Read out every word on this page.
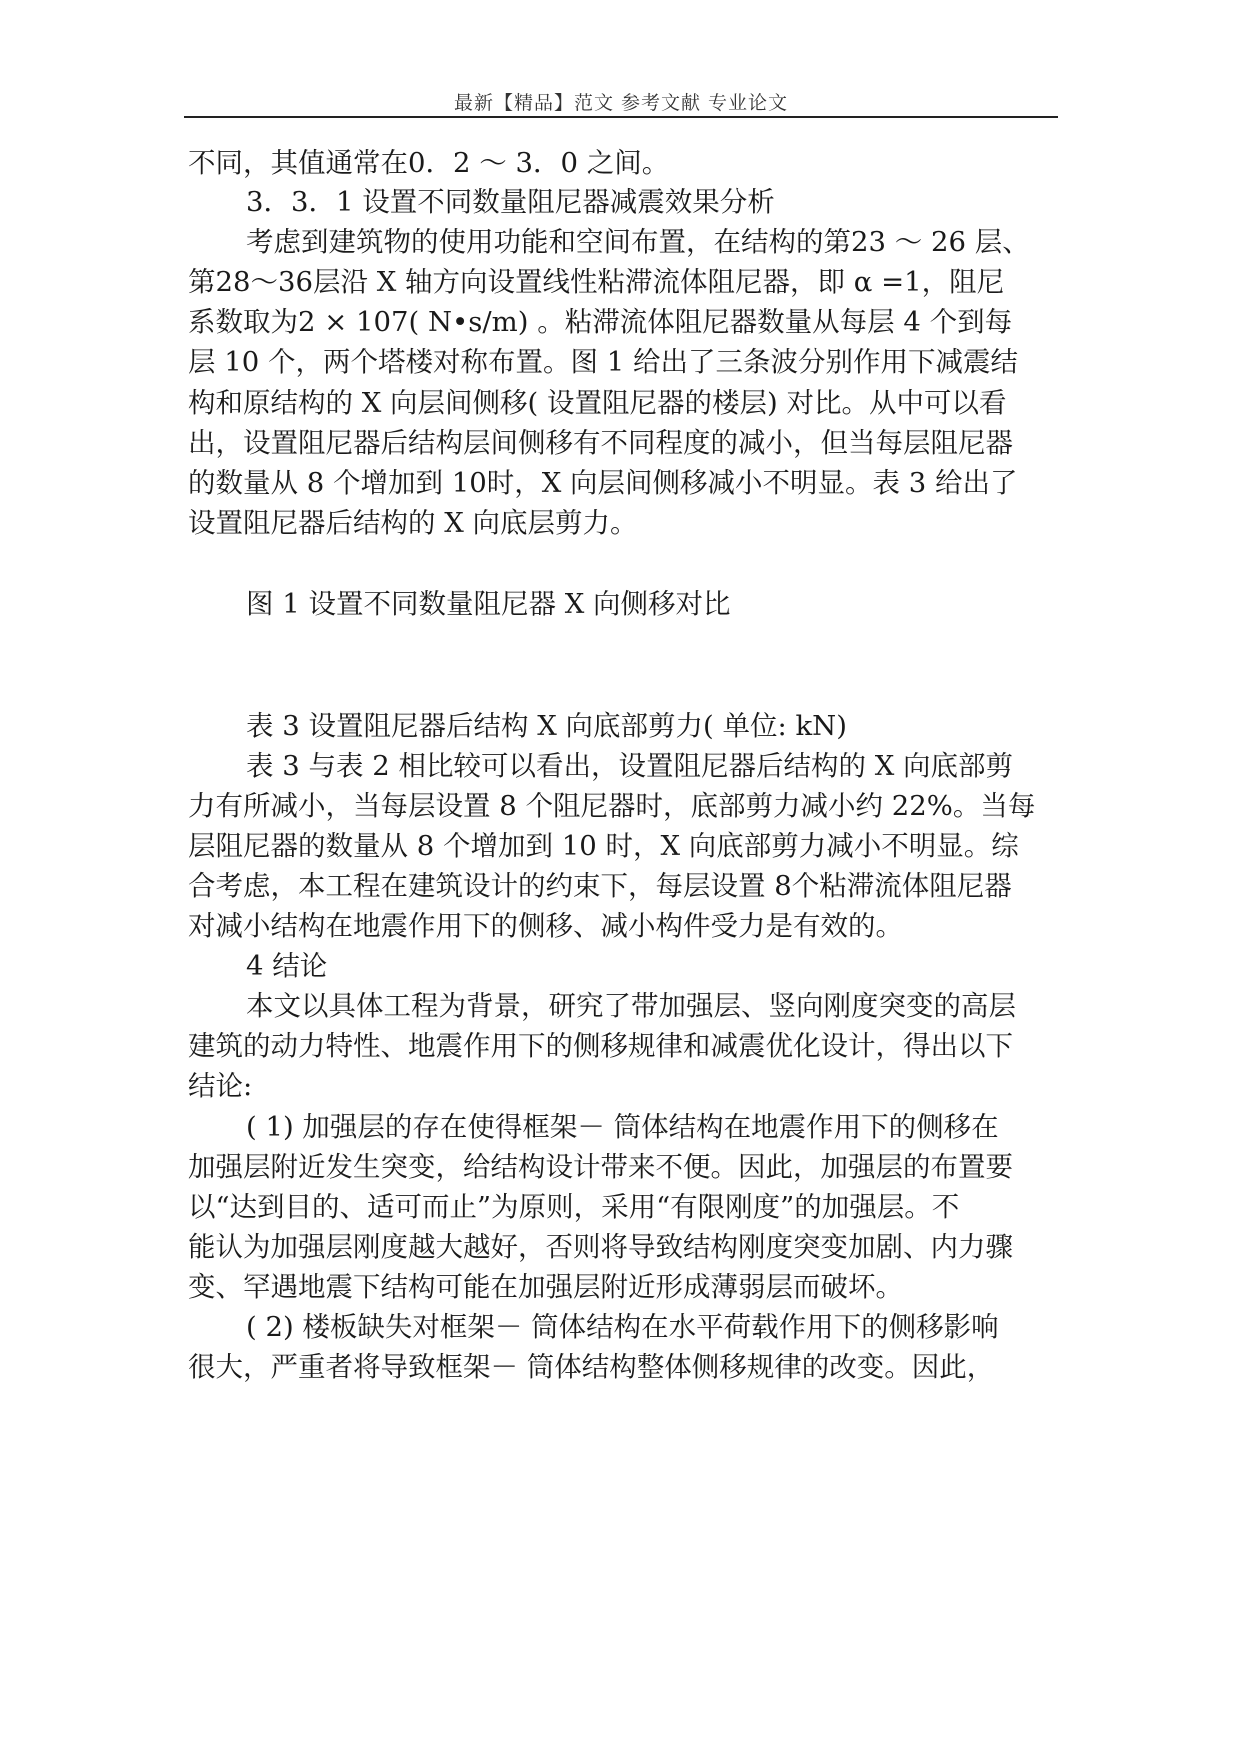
最新【精品】范文 参考文献 专业论文
不同，其值通常在0．2 ～ 3．0 之间。
3．3．1 设置不同数量阻尼器减震效果分析
考虑到建筑物的使用功能和空间布置，在结构的第23 ～ 26 层、
第28～36层沿 X 轴方向设置线性粘滞流体阻尼器，即 α =1，阻尼
系数取为2 × 107( N•s/m) 。粘滞流体阻尼器数量从每层 4 个到每
层 10 个，两个塔楼对称布置。图 1 给出了三条波分别作用下减震结
构和原结构的 X 向层间侧移( 设置阻尼器的楼层) 对比。从中可以看
出，设置阻尼器后结构层间侧移有不同程度的减小，但当每层阻尼器
的数量从 8 个增加到 10时，X 向层间侧移减小不明显。表 3 给出了
设置阻尼器后结构的 X 向底层剪力。
图 1 设置不同数量阻尼器 X 向侧移对比
表 3 设置阻尼器后结构 X 向底部剪力( 单位: kN)
表 3 与表 2 相比较可以看出，设置阻尼器后结构的 X 向底部剪
力有所减小，当每层设置 8 个阻尼器时，底部剪力减小约 22%。当每
层阻尼器的数量从 8 个增加到 10 时，X 向底部剪力减小不明显。综
合考虑，本工程在建筑设计的约束下，每层设置 8个粘滞流体阻尼器
对减小结构在地震作用下的侧移、减小构件受力是有效的。
4 结论
本文以具体工程为背景，研究了带加强层、竖向刚度突变的高层
建筑的动力特性、地震作用下的侧移规律和减震优化设计，得出以下
结论:
( 1) 加强层的存在使得框架－ 筒体结构在地震作用下的侧移在
加强层附近发生突变，给结构设计带来不便。因此，加强层的布置要
以“达到目的、适可而止”为原则，采用“有限刚度”的加强层。不
能认为加强层刚度越大越好，否则将导致结构刚度突变加剧、内力骤
变、罕遇地震下结构可能在加强层附近形成薄弱层而破坏。
( 2) 楼板缺失对框架－ 筒体结构在水平荷载作用下的侧移影响
很大，严重者将导致框架－ 筒体结构整体侧移规律的改变。因此，
